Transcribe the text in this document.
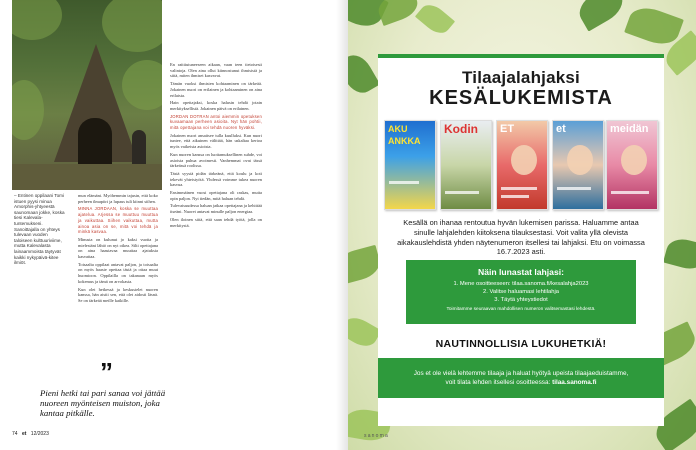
– Entinen oppilaani Tomi istuen pyysi minua Amorphis-yhtyeestä saunomaan jokke, koska tiesi Kalevala-tuntemukseni. Sanoittajalla on yhteys tulevaan vuoden taloiseen kulttuuriviime, mutta Kalevalasta lainaammoista täytyvät kaikki nykypäivä-kitee ilmiöt.

mun elämäni. Myöhemmin tajusin, että koko perheen ilmapiiri ja lupaus tuli kiinni siihen.

MINNA JORDAAN, koska se muuttaa ajatelua. Arjessa se muuttuu muuttua ja vaikuttaa. Siihen vaikuttaa, mutta ainoa asia on se, mitä voi tehdä ja minkä kasvaa.

Minusta on kulunut jo kaksi vuotta ja mielestäni lähtö on nyt oikea. Silti opettajana on aina haastavaa muuttaa ajatuksia kasvattaa.

Toisaalta oppilaat antavat paljon, ja toisaalta on myös haaste opettaa tästä ja ottaa muut huomioon. Oppilailla on takanaan myös kokemus ja tämä on arvokasta.

Kun olet hetkessä ja keskustelet nuoren kanssa, hän aistii sen, että olet aidosti läsnä. Se on tärkeää meille kaikille.

En raittiutuneeseen aikaan, vaan teen tietoisesti valintoja. Olen aina ollut kiinnostunut ihmisistä ja siitä, miten ihmiset kasvavat.

Tämän vuoksi ihmisten kohtaaminen on tärkeää. Jokainen nuori on erilainen ja kohtaaminen on aina erilaista.

Hain opettajaksi, koska halusin tehdä jotain merkityksellistä. Jokainen päivä on erilainen.

JORDAN DOTRAN antoi aiemmin opetuksen kuvaamaan perheen asioita. Nyt hän pohtii, mitä opettajana voi tehdä nuoren hyväksi.

Jokainen nuori ansaitsee tulla kuulluksi. Kun nuori tuntee, että aikuinen välittää, hän uskaltaa kertoa myös vaikeista asioista.

Kun nuoren kanssa on luottamuksellinen suhde, voi asioista puhua avoimesti. Vanhemmat ovat tässä tärkeässä roolissa.

Tästä syystä pidän tärkeänä, että koulu ja koti tekevät yhteistyötä. Yhdessä voimme tukea nuoren kasvua.

Ensimmäinen vuosi opettajana oli raskas, mutta opin paljon. Nyt tiedän, mitä haluan tehdä.

Tulevaisuudessa haluan jatkaa opettajana ja kehittää itseäni. Nuoret antavat minulle paljon energiaa.

Olen iloinen siitä, että saan tehdä työtä, jolla on merkitystä.

”
Pieni hetki tai pari sanaa voi jättää nuoreen myönteisen muiston, joka kantaa pitkälle.
74 et 12/2023
Tilaajalahjaksi
KESÄLUKEMISTA
AKU ANKKA
Kodin ET	et	meidän
Kesällä on ihanaa rentoutua hyvän lukemisen parissa. Haluamme antaa sinulle lahjalehden kiitoksena tilauksestasi. Voit valita yllä olevista aikakauslehdistä yhden näytenumeron itsellesi tai lahjaksi. Etu on voimassa 16.7.2023 asti.
Näin lunastat lahjasi:
1. Mene osoitteeseen: tilaa.sanoma.fi/kesalahja2023
2. Valitse haluamasi lehtilahja
3. Täytä yhteystiedot
Toimitamme seuraavan mahdollisen numeron valitsemastasi lehdestä.
NAUTINNOLLISIA LUKUHETKIÄ!
Jos et ole vielä lehtemme tilaaja ja haluat hyötyä upeista tilaajaeduistamme,
voit tilata lehden itsellesi osoitteessa: tilaa.sanoma.fi
sanoma
